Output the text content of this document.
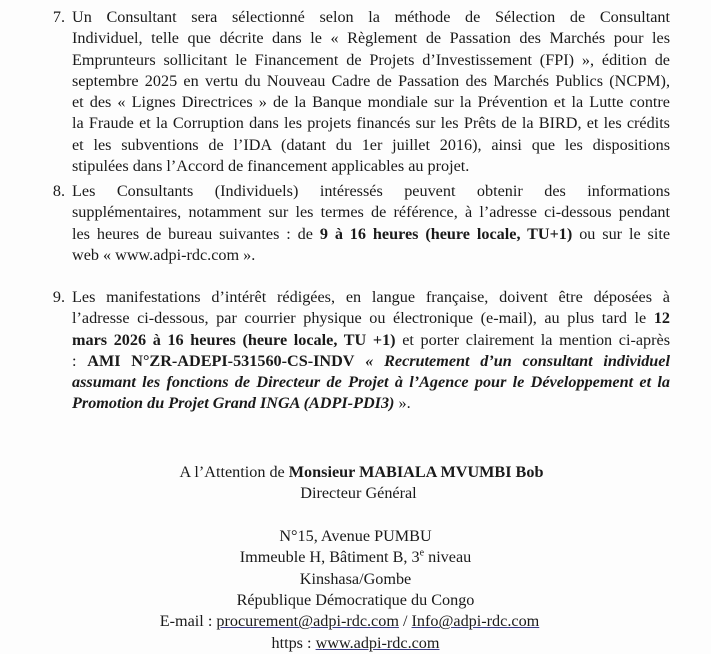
7. Un Consultant sera sélectionné selon la méthode de Sélection de Consultant
Individuel, telle que décrite dans le « Règlement de Passation des Marchés pour les
Emprunteurs sollicitant le Financement de Projets d’Investissement (FPI) », édition de
septembre 2025 en vertu du Nouveau Cadre de Passation des Marchés Publics (NCPM),
et des « Lignes Directrices » de la Banque mondiale sur la Prévention et la Lutte contre
la Fraude et la Corruption dans les projets financés sur les Prêts de la BIRD, et les crédits
et les subventions de l’IDA (datant du 1er juillet 2016), ainsi que les dispositions
stipulées dans l’Accord de financement applicables au projet.
8. Les Consultants (Individuels) intéressés peuvent obtenir des informations
supplémentaires, notamment sur les termes de référence, à l’adresse ci-dessous pendant
les heures de bureau suivantes : de 9 à 16 heures (heure locale, TU+1) ou sur le site
web « www.adpi-rdc.com ».
9. Les manifestations d’intérêt rédigées, en langue française, doivent être déposées à
l’adresse ci-dessous, par courrier physique ou électronique (e-mail), au plus tard le 12
mars 2026 à 16 heures (heure locale, TU +1) et porter clairement la mention ci-après
: AMI N°ZR-ADEPI-531560-CS-INDV « Recrutement d’un consultant individuel
assumant les fonctions de Directeur de Projet à l’Agence pour le Développement et la
Promotion du Projet Grand INGA (ADPI-PDI3) ».
A l’Attention de Monsieur MABIALA MVUMBI Bob
Directeur Général
N°15, Avenue PUMBU
Immeuble H, Bâtiment B, 3e niveau
Kinshasa/Gombe
République Démocratique du Congo
E-mail : procurement@adpi-rdc.com / Info@adpi-rdc.com
https : www.adpi-rdc.com
